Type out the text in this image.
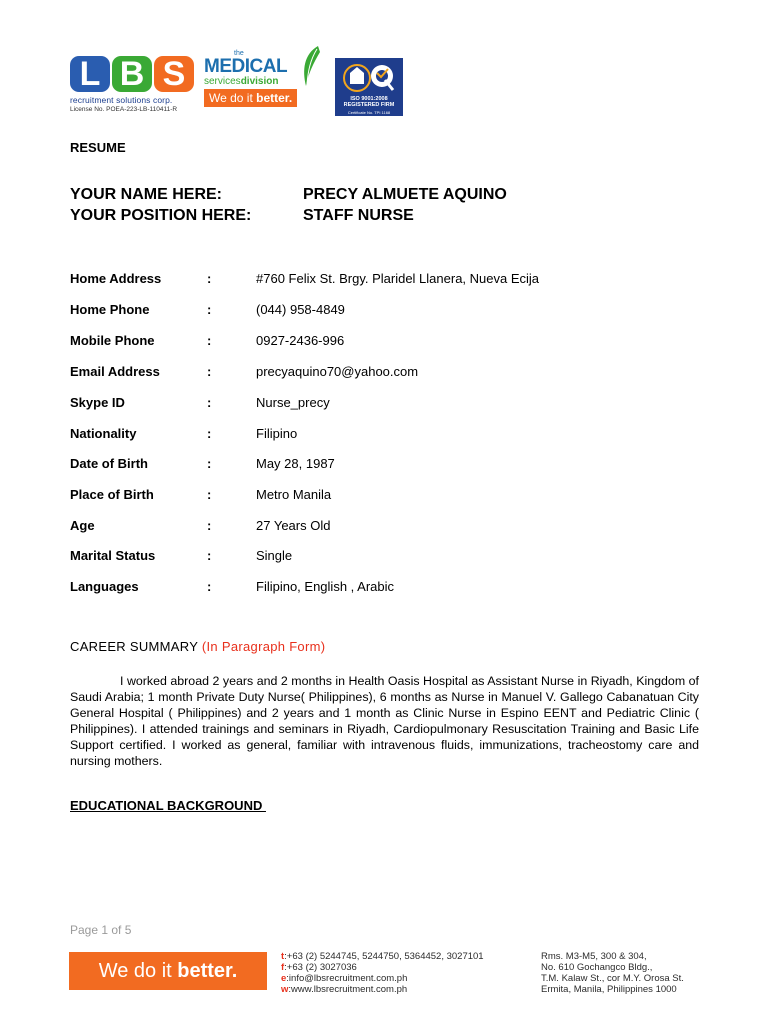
L B S
recruitment solutions corp.
License No. POEA-223-LB-110411-R
the
MEDICAL
servicesdivision
We do it better.	ISO 9001:2008
REGISTERED FIRM
Certificate No. TPI 1168
RESUME
YOUR NAME HERE:	PRECY ALMUETE AQUINO
YOUR POSITION HERE:	STAFF NURSE
Home Address	:	#760 Felix St. Brgy. Plaridel Llanera, Nueva Ecija
Home Phone	:	(044) 958-4849
Mobile Phone	:	0927-2436-996
Email Address	:	precyaquino70@yahoo.com
Skype ID	:	Nurse_precy
Nationality	:	Filipino
Date of Birth	:	May 28, 1987
Place of Birth	:	Metro Manila
Age	:	27 Years Old
Marital Status	:	Single
Languages	:	Filipino, English , Arabic
CAREER SUMMARY (In Paragraph Form)

I worked abroad 2 years and 2 months in Health Oasis Hospital as Assistant Nurse in Riyadh, Kingdom of Saudi Arabia; 1 month Private Duty Nurse( Philippines), 6 months as Nurse in Manuel V. Gallego Cabanatuan City General Hospital ( Philippines) and 2 years and 1 month as Clinic Nurse in Espino EENT and Pediatric Clinic ( Philippines). I attended trainings and seminars in Riyadh, Cardiopulmonary Resuscitation Training and Basic Life Support certified. I worked as general, familiar with intravenous fluids, immunizations, tracheostomy care and nursing mothers.

EDUCATIONAL BACKGROUND
Page 1 of 5
We do it better.
t:+63 (2) 5244745, 5244750, 5364452, 3027101
f:+63 (2) 3027036
e:info@lbsrecruitment.com.ph
w:www.lbsrecruitment.com.ph
Rms. M3-M5, 300 & 304,
No. 610 Gochangco Bldg.,
T.M. Kalaw St., cor M.Y. Orosa St.
Ermita, Manila, Philippines 1000
